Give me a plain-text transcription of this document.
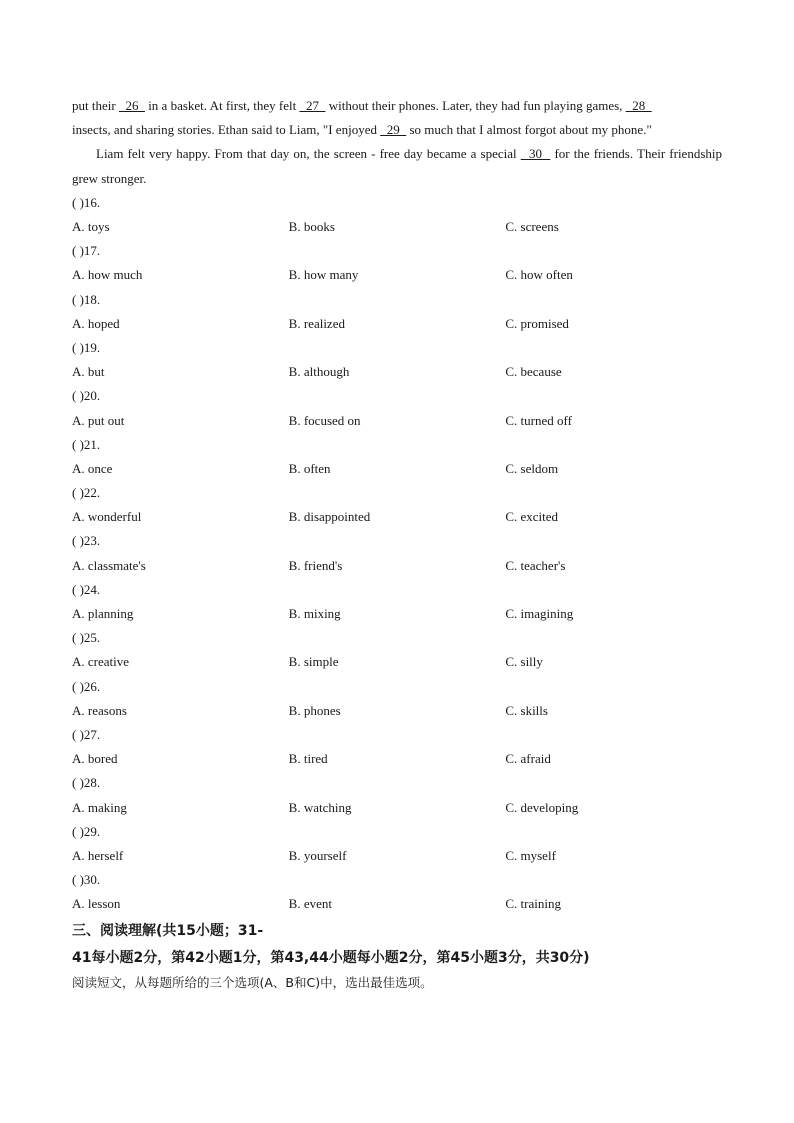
put their   26   in a basket. At first, they felt   27   without their phones. Later, they had fun playing games,   28
insects, and sharing stories. Ethan said to Liam, "I enjoyed   29   so much that I almost forgot about my phone."
Liam felt very happy. From that day on, the screen - free day became a special   30   for the friends. Their friendship grew stronger.
( )16.
A. toys	B. books	C. screens
( )17.
A. how much	B. how many	C. how often
( )18.
A. hoped	B. realized	C. promised
( )19.
A. but	B. although	C. because
( )20.
A. put out	B. focused on	C. turned off
( )21.
A. once	B. often	C. seldom
( )22.
A. wonderful	B. disappointed	C. excited
( )23.
A. classmate's	B. friend's	C. teacher's
( )24.
A. planning	B. mixing	C. imagining
( )25.
A. creative	B. simple	C. silly
( )26.
A. reasons	B. phones	C. skills
( )27.
A. bored	B. tired	C. afraid
( )28.
A. making	B. watching	C. developing
( )29.
A. herself	B. yourself	C. myself
( )30.
A. lesson	B. event	C. training
三、阅读理解(共15小题；31-
41每小题2分，第42小题1分，第43,44小题每小题2分，第45小题3分，共30分)
阅读短文，从每题所给的三个选项(A、B和C)中，选出最佳选项。
